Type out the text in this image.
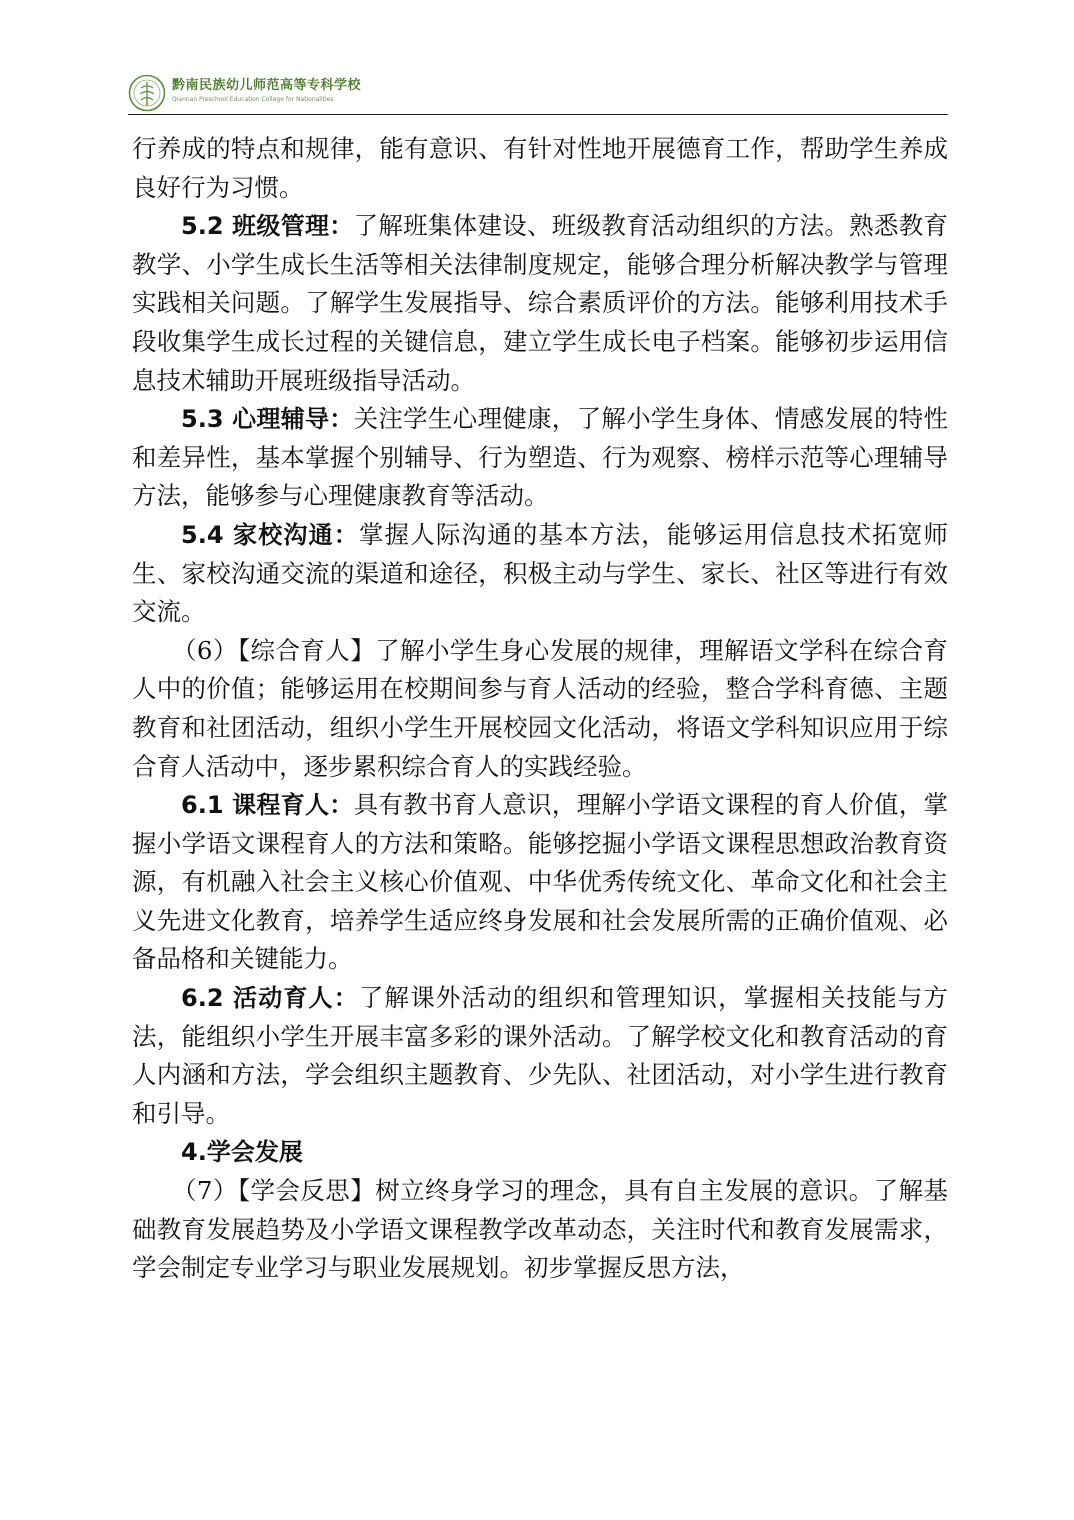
黔南民族幼儿师范高等专科学校
Qiannan Preschool Education College for Nationalities

行养成的特点和规律，能有意识、有针对性地开展德育工作，帮助学生养成良好行为习惯。

5.2 班级管理：了解班集体建设、班级教育活动组织的方法。熟悉教育教学、小学生成长生活等相关法律制度规定，能够合理分析解决教学与管理实践相关问题。了解学生发展指导、综合素质评价的方法。能够利用技术手段收集学生成长过程的关键信息，建立学生成长电子档案。能够初步运用信息技术辅助开展班级指导活动。

5.3 心理辅导：关注学生心理健康，了解小学生身体、情感发展的特性和差异性，基本掌握个别辅导、行为塑造、行为观察、榜样示范等心理辅导方法，能够参与心理健康教育等活动。

5.4 家校沟通：掌握人际沟通的基本方法，能够运用信息技术拓宽师生、家校沟通交流的渠道和途径，积极主动与学生、家长、社区等进行有效交流。

（6）【综合育人】了解小学生身心发展的规律，理解语文学科在综合育人中的价值；能够运用在校期间参与育人活动的经验，整合学科育德、主题教育和社团活动，组织小学生开展校园文化活动，将语文学科知识应用于综合育人活动中，逐步累积综合育人的实践经验。

6.1 课程育人：具有教书育人意识，理解小学语文课程的育人价值，掌握小学语文课程育人的方法和策略。能够挖掘小学语文课程思想政治教育资源，有机融入社会主义核心价值观、中华优秀传统文化、革命文化和社会主义先进文化教育，培养学生适应终身发展和社会发展所需的正确价值观、必备品格和关键能力。

6.2 活动育人：了解课外活动的组织和管理知识，掌握相关技能与方法，能组织小学生开展丰富多彩的课外活动。了解学校文化和教育活动的育人内涵和方法，学会组织主题教育、少先队、社团活动，对小学生进行教育和引导。

4.学会发展

（7）【学会反思】树立终身学习的理念，具有自主发展的意识。了解基础教育发展趋势及小学语文课程教学改革动态，关注时代和教育发展需求，学会制定专业学习与职业发展规划。初步掌握反思方法，
